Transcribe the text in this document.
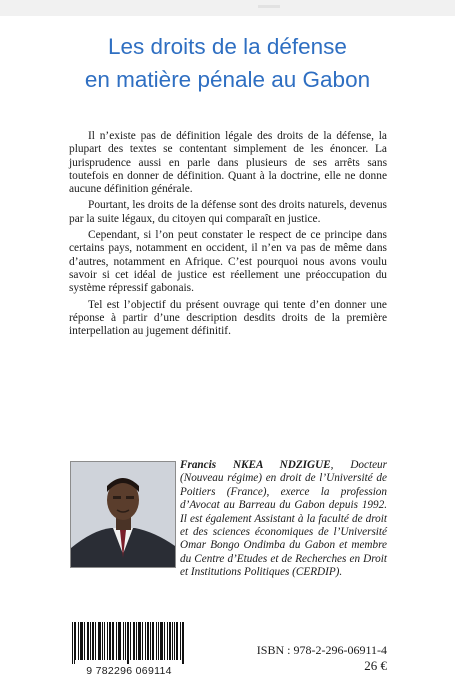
Les droits de la défense
en matière pénale au Gabon

Il n’existe pas de définition légale des droits de la défense, la plupart des textes se contentant simplement de les énoncer. La jurisprudence aussi en parle dans plusieurs de ses arrêts sans toutefois en donner de définition. Quant à la doctrine, elle ne donne aucune définition générale.

Pourtant, les droits de la défense sont des droits naturels, devenus par la suite légaux, du citoyen qui comparaît en justice.

Cependant, si l’on peut constater le respect de ce principe dans certains pays, notamment en occident, il n’en va pas de même dans d’autres, notamment en Afrique. C’est pourquoi nous avons voulu savoir si cet idéal de justice est réellement une préoccupation du système répressif gabonais.

Tel est l’objectif du présent ouvrage qui tente d’en donner une réponse à partir d’une description desdits droits de la première interpellation au jugement définitif.

Francis NKEA NDZIGUE, Docteur (Nouveau régime) en droit de l’Université de Poitiers (France), exerce la profession d’Avocat au Barreau du Gabon depuis 1992. Il est également Assistant à la faculté de droit et des sciences économiques de l’Université Omar Bongo Ondimba du Gabon et membre du Centre d’Etudes et de Recherches en Droit et Institutions Politiques (CERDIP).
9 782296 069114
ISBN : 978-2-296-06911-4
26 €
